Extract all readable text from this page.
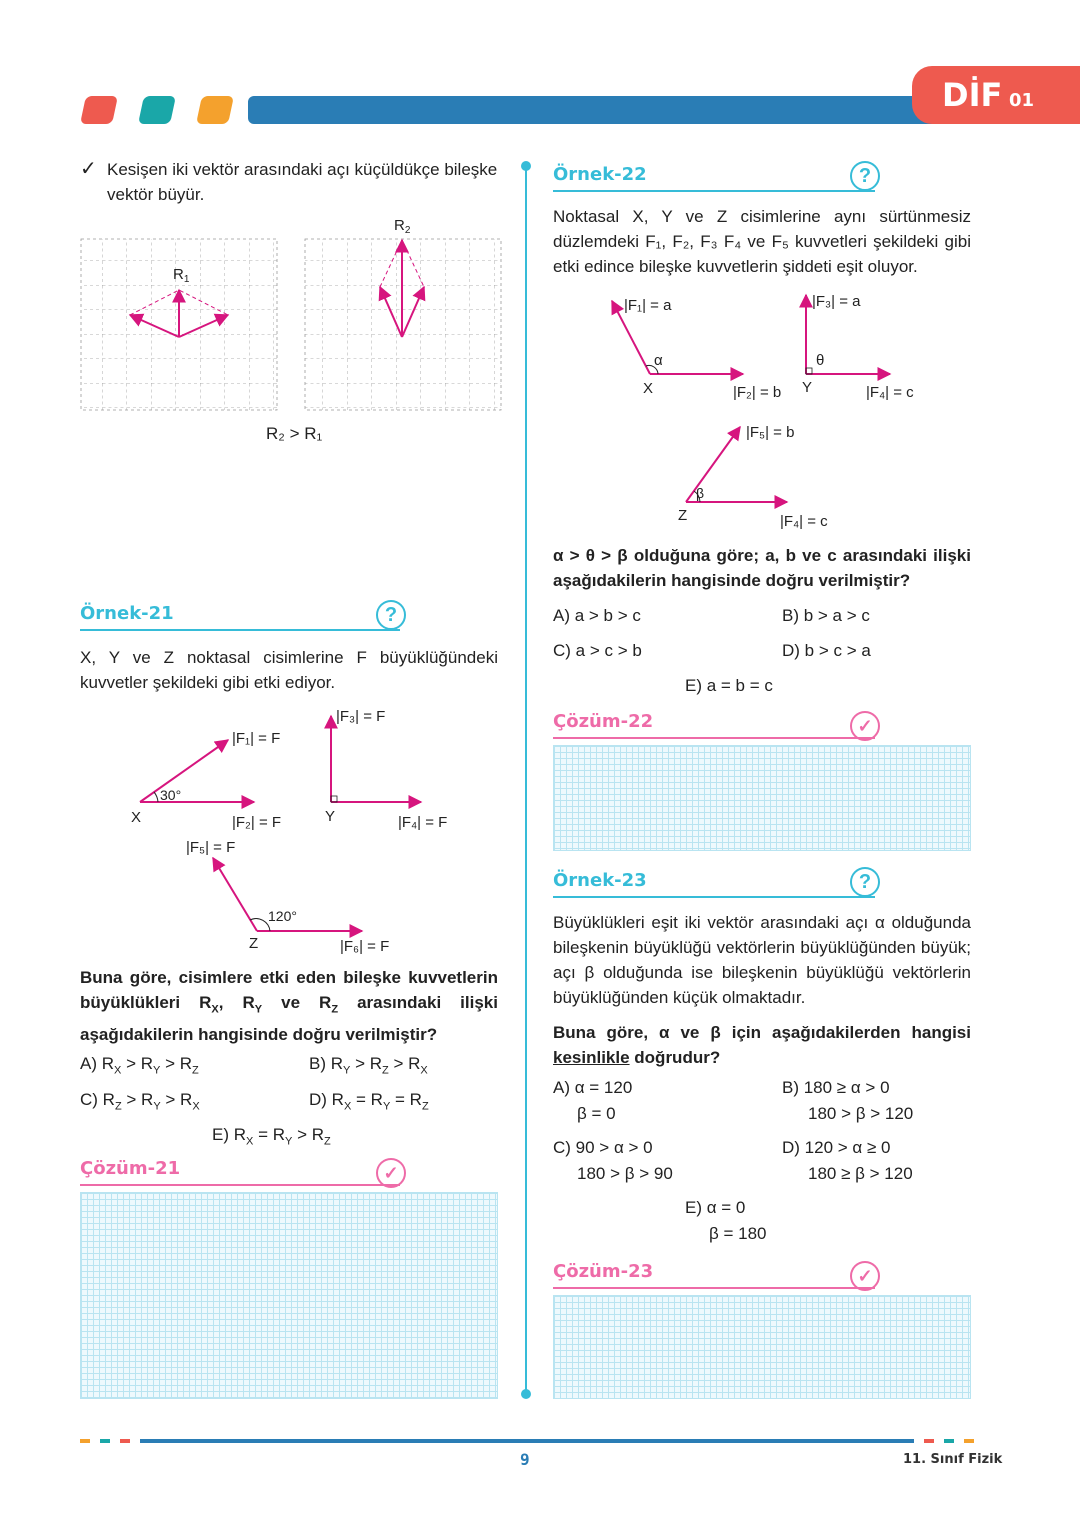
DİF 01
✓ Kesişen iki vektör arasındaki açı küçüldükçe bileşke vektör büyür.
$R_1$
$R_2$
R₂ > R₁
Örnek-21	?
X, Y ve Z noktasal cisimlerine F büyüklüğündeki kuvvetler şekildeki gibi etki ediyor.
X
30°
|F₁| = F
|F₂| = F	Y
|F₃| = F
|F₄| = F
Z
120°
|F₅| = F
|F₆| = F
Buna göre, cisimlere etki eden bileşke kuvvetlerin büyüklükleri $R_X$, $R_Y$ ve $R_Z$ arasındaki ilişki aşağıdakilerin hangisinde doğru verilmiştir?
A) $R_X > R_Y > R_Z$	B) $R_Y > R_Z > R_X$
C) $R_Z > R_Y > R_X$	D) $R_X = R_Y = R_Z$
E) $R_X = R_Y > R_Z$
Çözüm-21	✓
Örnek-22	?
Noktasal X, Y ve Z cisimlerine aynı sürtünmesiz düzlemdeki F₁, F₂, F₃ F₄ ve F₅ kuvvetleri şekildeki gibi etki edince bileşke kuvvetlerin şiddeti eşit oluyor.
X
α
|F₁| = a
|F₂| = b Y
θ
|F₃| = a
|F₄| = c
Z
β
|F₅| = b
|F₄| = c
α > θ > β olduğuna göre; a, b ve c arasındaki ilişki aşağıdakilerin hangisinde doğru verilmiştir?
A) a > b > c	B) b > a > c
C) a > c > b	D) b > c > a
E) a = b = c
Çözüm-22	✓
Örnek-23	?
Büyüklükleri eşit iki vektör arasındaki açı α olduğunda bileşkenin büyüklüğü vektörlerin büyüklüğünden büyük; açı β olduğunda ise bileşkenin büyüklüğü vektörlerin büyüklüğünden küçük olmaktadır.
Buna göre, α ve β için aşağıdakilerden hangisi kesinlikle doğrudur?
A) α = 120
β = 0
B) 180 ≥ α > 0
180 > β > 120
C) 90 > α > 0
180 > β > 90
D) 120 > α ≥ 0
180 ≥ β > 120
E) α = 0
β = 180
Çözüm-23	✓
9	11. Sınıf Fizik
